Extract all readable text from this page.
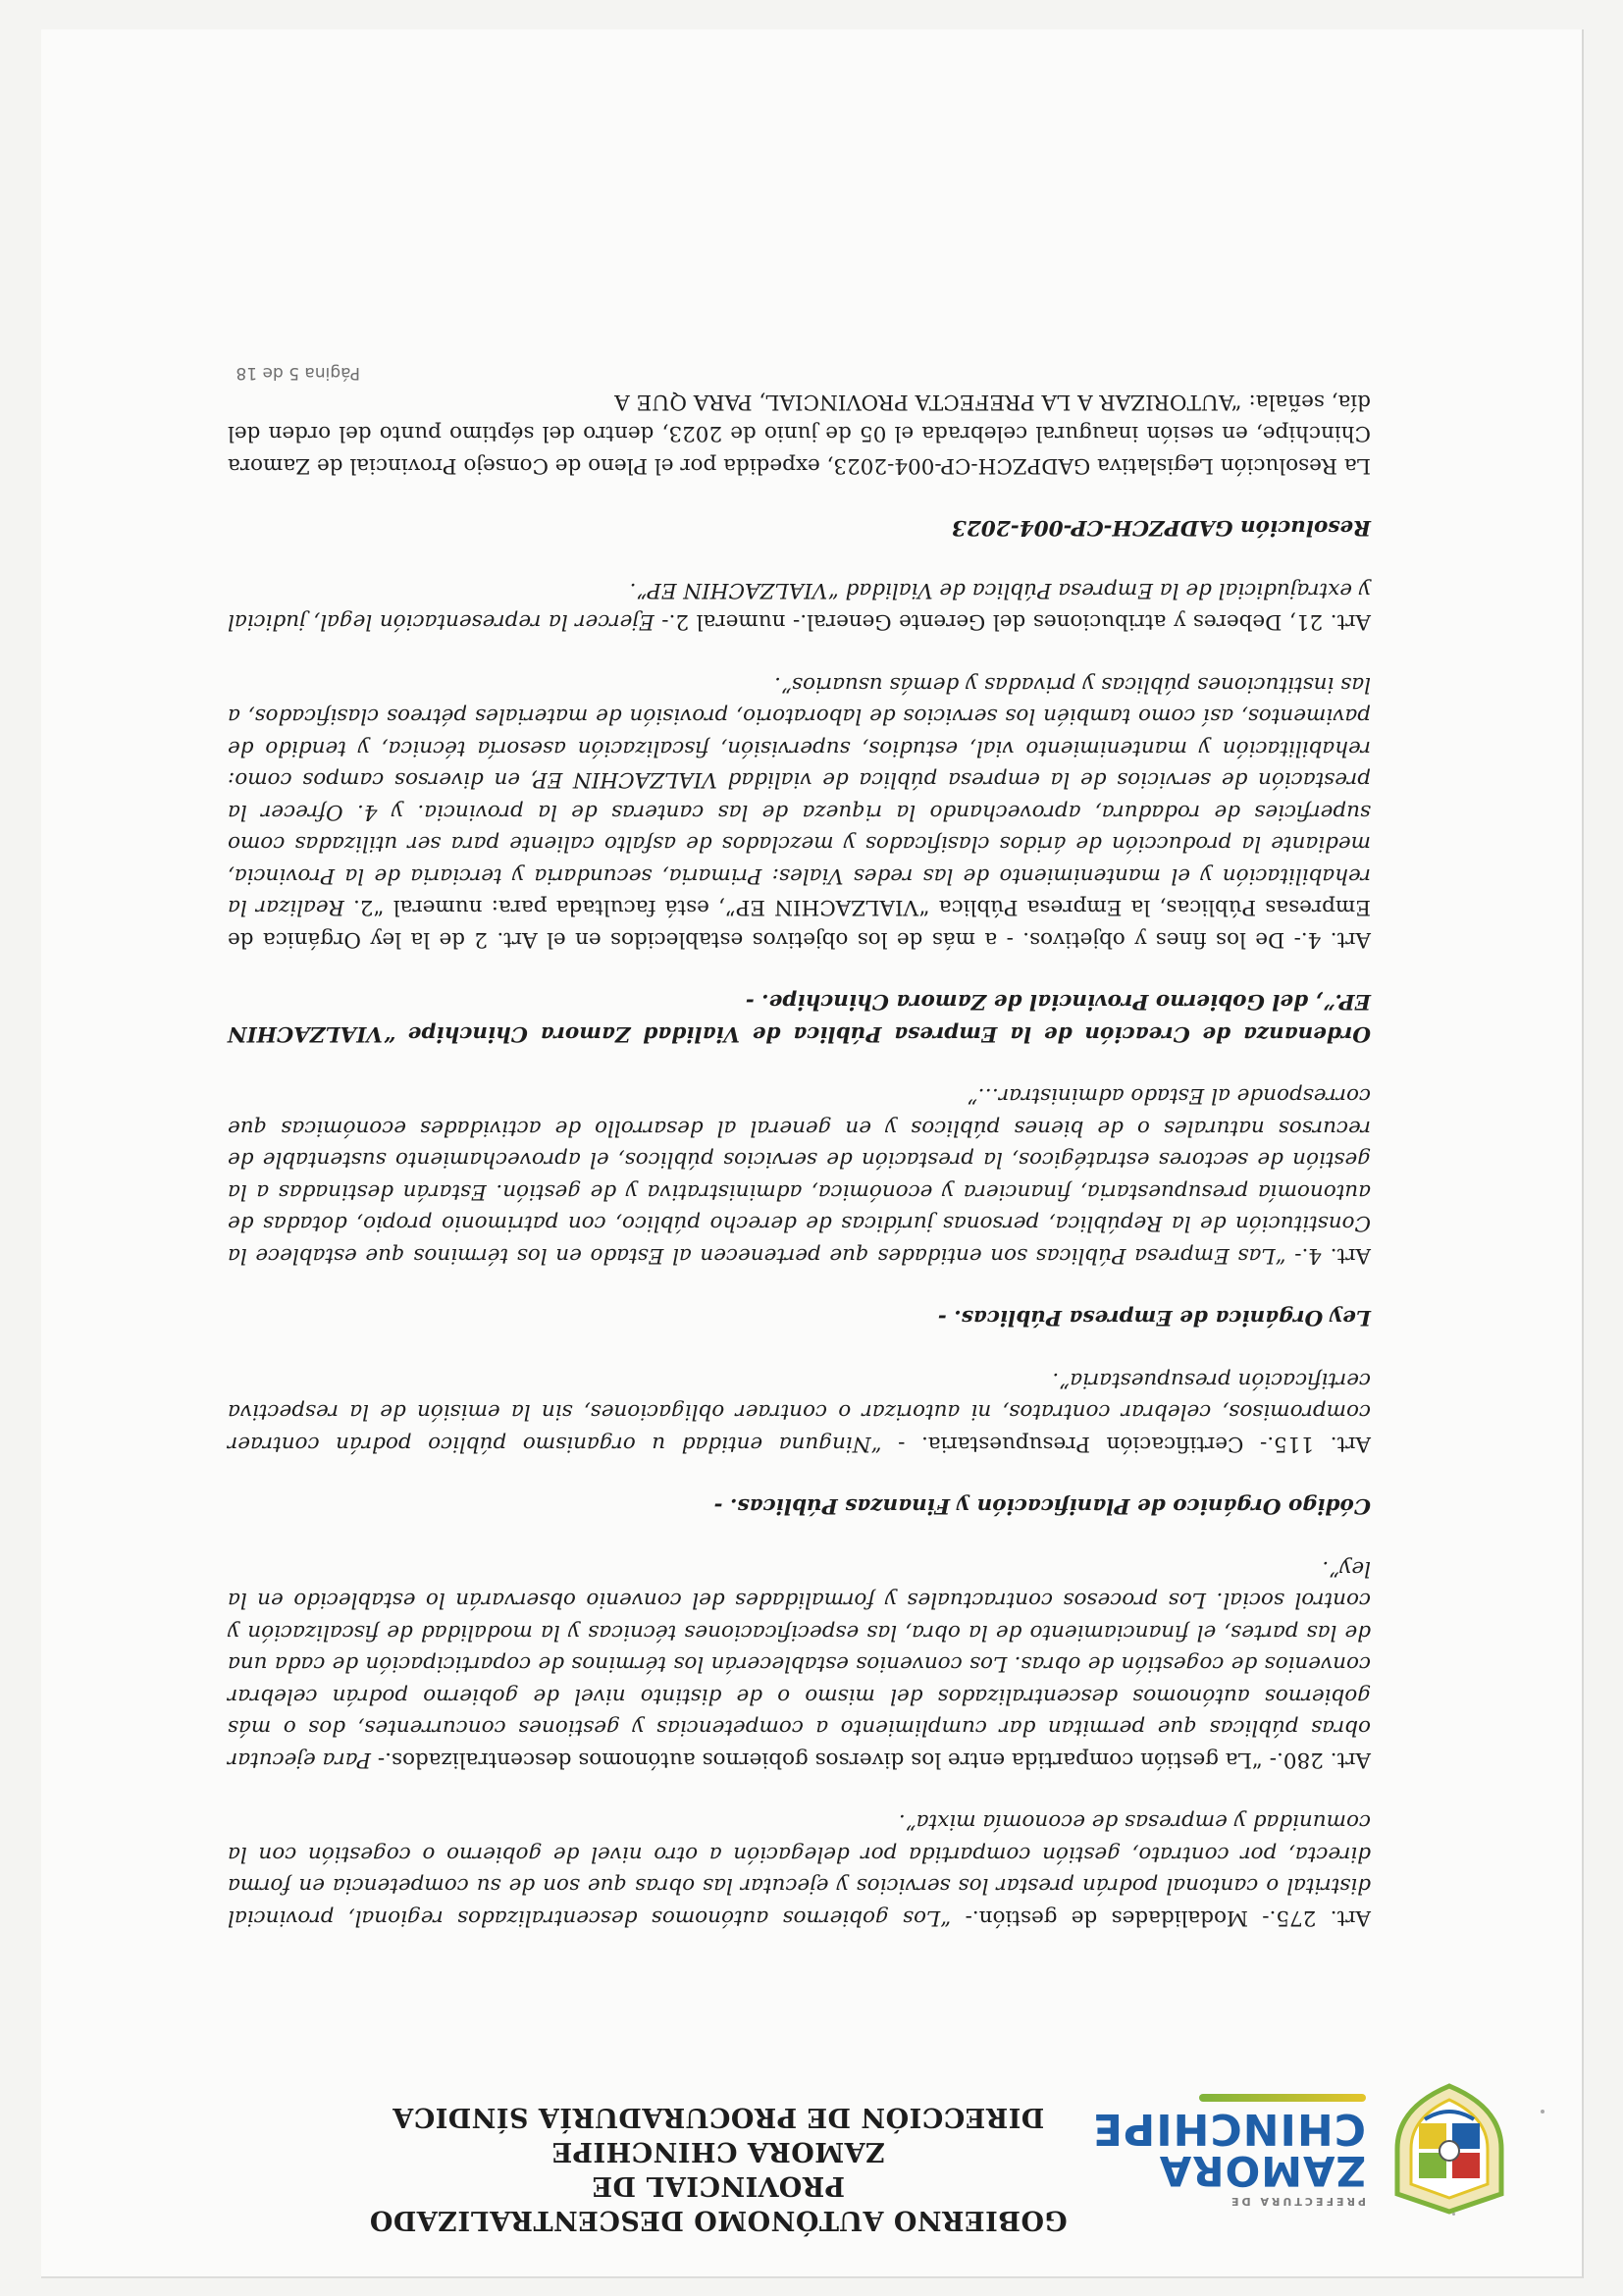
PREFECTURA DE
ZAMORA
CHINCHIPE
GOBIERNO AUTÓNOMO DESCENTRALIZADO PROVINCIAL DE
ZAMORA CHINCHIPE
DIRECCIÓN DE PROCURADURÍA SÍNDICA

Art. 275.- Modalidades de gestión.- “Los gobiernos autónomos descentralizados regional, provincial distrital o cantonal podrán prestar los servicios y ejecutar las obras que son de su competencia en forma directa, por contrato, gestión compartida por delegación a otro nivel de gobierno o cogestión con la comunidad y empresas de economía mixta”.

Art. 280.- “La gestión compartida entre los diversos gobiernos autónomos descentralizados.- Para ejecutar obras públicas que permitan dar cumplimiento a competencias y gestiones concurrentes, dos o más gobiernos autónomos descentralizados del mismo o de distinto nivel de gobierno podrán celebrar convenios de cogestión de obras. Los convenios establecerán los términos de coparticipación de cada una de las partes, el financiamiento de la obra, las especificaciones técnicas y la modalidad de fiscalización y control social. Los procesos contractuales y formalidades del convenio observarán lo establecido en la ley”.

Código Orgánico de Planificación y Finanzas Públicas. -

Art. 115.- Certificación Presupuestaria. - “Ninguna entidad u organismo público podrán contraer compromisos, celebrar contratos, ni autorizar o contraer obligaciones, sin la emisión de la respectiva certificación presupuestaria”.

Ley Orgánica de Empresa Públicas. -

Art. 4.- “Las Empresa Públicas son entidades que pertenecen al Estado en los términos que establece la Constitución de la República, personas jurídicas de derecho público, con patrimonio propio, dotadas de autonomía presupuestaria, financiera y económica, administrativa y de gestión. Estarán destinadas a la gestión de sectores estratégicos, la prestación de servicios públicos, el aprovechamiento sustentable de recursos naturales o de bienes públicos y en general al desarrollo de actividades económicas que corresponde al Estado administrar…”

Ordenanza de Creación de la Empresa Pública de Vialidad Zamora Chinchipe “VIALZACHIN EP.”, del Gobierno Provincial de Zamora Chinchipe. -

Art. 4.- De los fines y objetivos. - a más de los objetivos establecidos en el Art. 2 de la ley Orgánica de Empresas Públicas, la Empresa Pública “VIALZACHIN EP”, está facultada para: numeral “2. Realizar la rehabilitación y el mantenimiento de las redes Viales: Primaria, secundaria y terciaria de la Provincia, mediante la producción de áridos clasificados y mezclados de asfalto caliente para ser utilizadas como superficies de rodadura, aprovechando la riqueza de las canteras de la provincia. y 4. Ofrecer la prestación de servicios de la empresa pública de vialidad VIALZACHIN EP, en diversos campos como: rehabilitación y mantenimiento vial, estudios, supervisión, fiscalización asesoría técnica, y tendido de pavimentos, así como también los servicios de laboratorio, provisión de materiales pétreos clasificados, a las instituciones públicas y privadas y demás usuarios”.

Art. 21, Deberes y atribuciones del Gerente General.- numeral 2.- Ejercer la representación legal, judicial y extrajudicial de la Empresa Pública de Vialidad “VIALZACHIN EP”.

Resolución GADPZCH-CP-004-2023

La Resolución Legislativa GADPZCH-CP-004-2023, expedida por el Pleno de Consejo Provincial de Zamora Chinchipe, en sesión inaugural celebrada el 05 de junio de 2023, dentro del séptimo punto del orden del día, señala: “AUTORIZAR A LA PREFECTA PROVINCIAL, PARA QUE A

Página 5 de 18
